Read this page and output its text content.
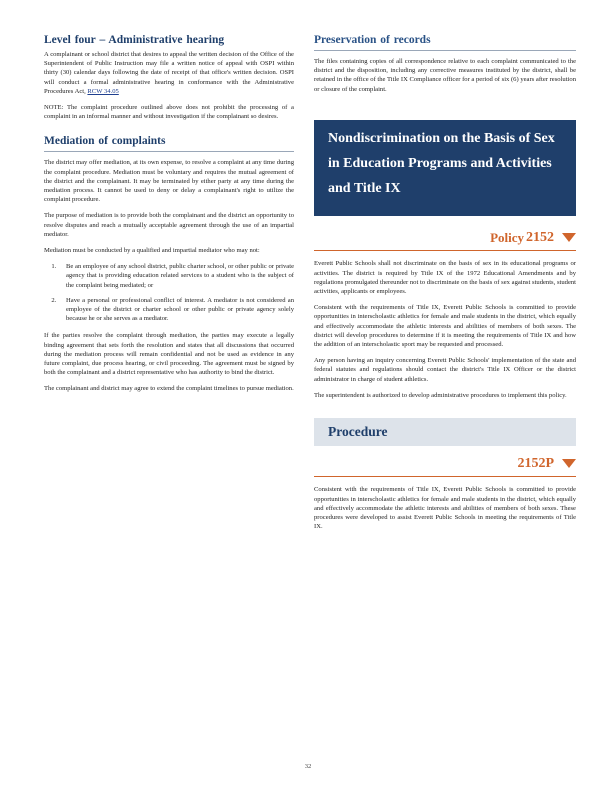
Level four – Administrative hearing

A complainant or school district that desires to appeal the written decision of the Office of the Superintendent of Public Instruction may file a written notice of appeal with OSPI within thirty (30) calendar days following the date of receipt of that office's written decision. OSPI will conduct a formal administrative hearing in conformance with the Administrative Procedures Act, RCW 34.05

NOTE: The complaint procedure outlined above does not prohibit the processing of a complaint in an informal manner and without investigation if the complainant so desires.

Mediation of complaints

The district may offer mediation, at its own expense, to resolve a complaint at any time during the complaint procedure. Mediation must be voluntary and requires the mutual agreement of the district and the complainant. It may be terminated by either party at any time during the mediation process. It cannot be used to deny or delay a complainant's right to utilize the complaint procedure.

The purpose of mediation is to provide both the complainant and the district an opportunity to resolve disputes and reach a mutually acceptable agreement through the use of an impartial mediator.

Mediation must be conducted by a qualified and impartial mediator who may not:

1. Be an employee of any school district, public charter school, or other public or private agency that is providing education related services to a student who is the subject of the complaint being mediated; or
2. Have a personal or professional conflict of interest. A mediator is not considered an employee of the district or charter school or other public or private agency solely because he or she serves as a mediator.

If the parties resolve the complaint through mediation, the parties may execute a legally binding agreement that sets forth the resolution and states that all discussions that occurred during the mediation process will remain confidential and not be used as evidence in any future complaint, due process hearing, or civil proceeding. The agreement must be signed by both the complainant and a district representative who has authority to bind the district.

The complainant and district may agree to extend the complaint timelines to pursue mediation.

Preservation of records

The files containing copies of all correspondence relative to each complaint communicated to the district and the disposition, including any corrective measures instituted by the district, shall be retained in the office of the Title IX Compliance officer for a period of six (6) years after resolution or closure of the complaint.

Nondiscrimination on the Basis of Sex in Education Programs and Activities and Title IX
Policy 2152

Everett Public Schools shall not discriminate on the basis of sex in its educational programs or activities. The district is required by Title IX of the 1972 Educational Amendments and by regulations promulgated thereunder not to discriminate on the basis of sex against students, student activities, applicants or employees.

Consistent with the requirements of Title IX, Everett Public Schools is committed to provide opportunities in interscholastic athletics for female and male students in the district, which equally and effectively accommodate the athletic interests and abilities of members of both sexes. The district will develop procedures to determine if it is meeting the requirements of Title IX and how the addition of an interscholastic sport may be requested and processed.

Any person having an inquiry concerning Everett Public Schools' implementation of the state and federal statutes and regulations should contact the district's Title IX Officer or the district administrator in charge of student athletics.

The superintendent is authorized to develop administrative procedures to implement this policy.

Procedure
2152P

Consistent with the requirements of Title IX, Everett Public Schools is committed to provide opportunities in interscholastic athletics for female and male students in the district, which equally and effectively accommodate the athletic interests and abilities of members of both sexes. These procedures were developed to assist Everett Public Schools in meeting the requirements of Title IX.

32
